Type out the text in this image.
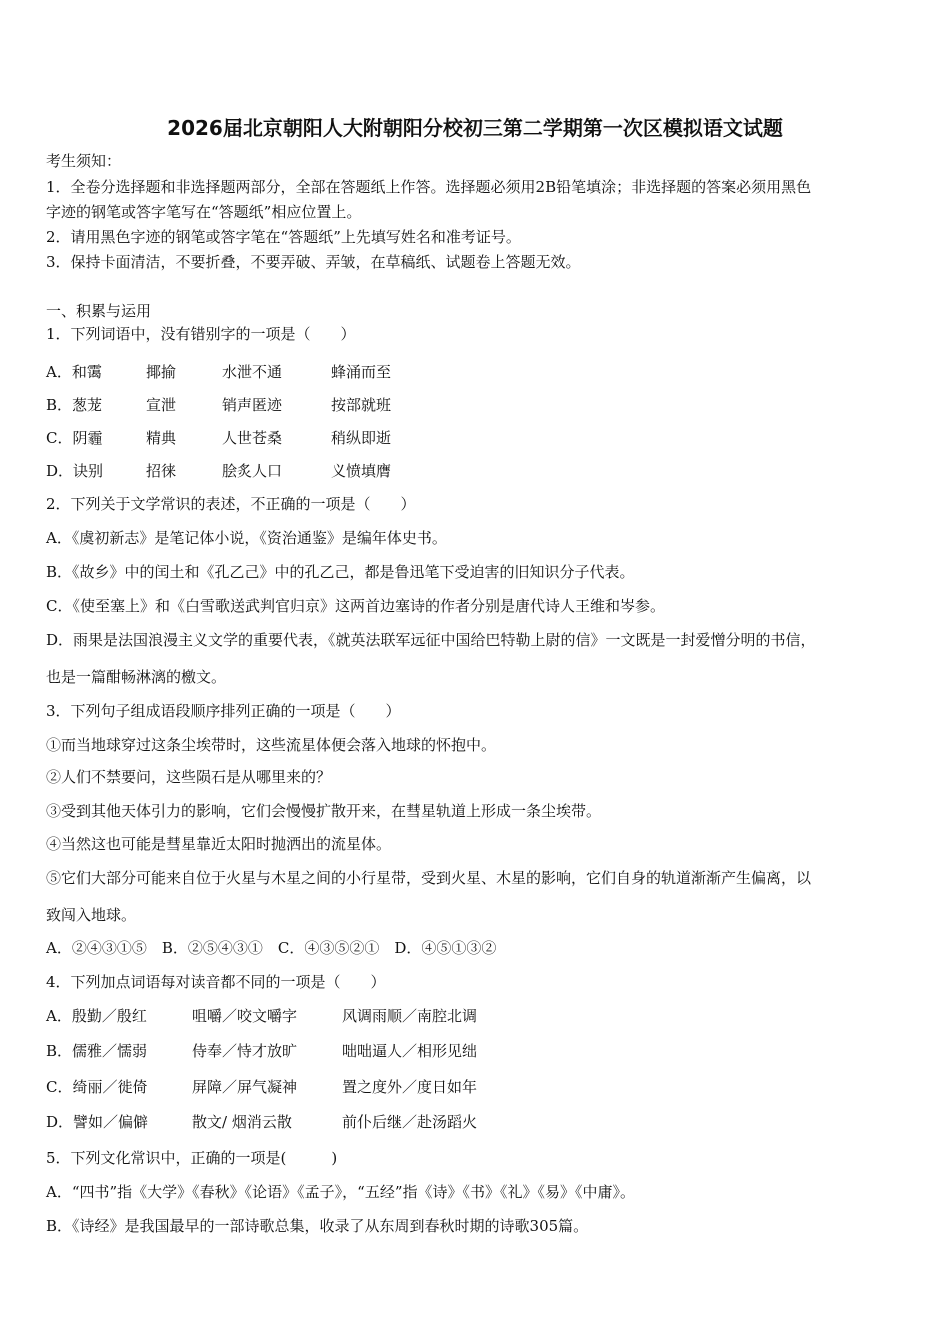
2026届北京朝阳人大附朝阳分校初三第二学期第一次区模拟语文试题
考生须知：
1．全卷分选择题和非选择题两部分，全部在答题纸上作答。选择题必须用2B铅笔填涂；非选择题的答案必须用黑色
字迹的钢笔或答字笔写在“答题纸”相应位置上。
2．请用黑色字迹的钢笔或答字笔在“答题纸”上先填写姓名和准考证号。
3．保持卡面清洁，不要折叠，不要弄破、弄皱，在草稿纸、试题卷上答题无效。
一、积累与运用
1．下列词语中，没有错别字的一项是（　　）
A．和霭	揶揄	水泄不通	蜂涌而至
B．葱茏	宣泄	销声匿迹	按部就班
C．阴霾	精典	人世苍桑	稍纵即逝
D．诀别	招徕	脍炙人口	义愤填膺
2．下列关于文学常识的表述，不正确的一项是（　　）
A．《虞初新志》是笔记体小说，《资治通鉴》是编年体史书。
B．《故乡》中的闰土和《孔乙己》中的孔乙己，都是鲁迅笔下受迫害的旧知识分子代表。
C．《使至塞上》和《白雪歌送武判官归京》这两首边塞诗的作者分别是唐代诗人王维和岑参。
D．雨果是法国浪漫主义文学的重要代表，《就英法联军远征中国给巴特勒上尉的信》一文既是一封爱憎分明的书信，
也是一篇酣畅淋漓的檄文。
3．下列句子组成语段顺序排列正确的一项是（　　）
①而当地球穿过这条尘埃带时，这些流星体便会落入地球的怀抱中。
②人们不禁要问，这些陨石是从哪里来的？
③受到其他天体引力的影响，它们会慢慢扩散开来，在彗星轨道上形成一条尘埃带。
④当然这也可能是彗星靠近太阳时抛洒出的流星体。
⑤它们大部分可能来自位于火星与木星之间的小行星带，受到火星、木星的影响，它们自身的轨道渐渐产生偏离，以
致闯入地球。
A．②④③①⑤　B．②⑤④③①　C．④③⑤②①　D．④⑤①③②
4．下列加点词语每对读音都不同的一项是（　　）
A．殷勤／殷红	咀嚼／咬文嚼字	风调雨顺／南腔北调
B．儒雅／懦弱	侍奉／恃才放旷	咄咄逼人／相形见绌
C．绮丽／徙倚	屏障／屏气凝神	置之度外／度日如年
D．譬如／偏僻	散文/ 烟消云散	前仆后继／赴汤蹈火
5．下列文化常识中，正确的一项是(　　　)
A．“四书”指《大学》《春秋》《论语》《孟子》，“五经”指《诗》《书》《礼》《易》《中庸》。
B．《诗经》是我国最早的一部诗歌总集，收录了从东周到春秋时期的诗歌305篇。
